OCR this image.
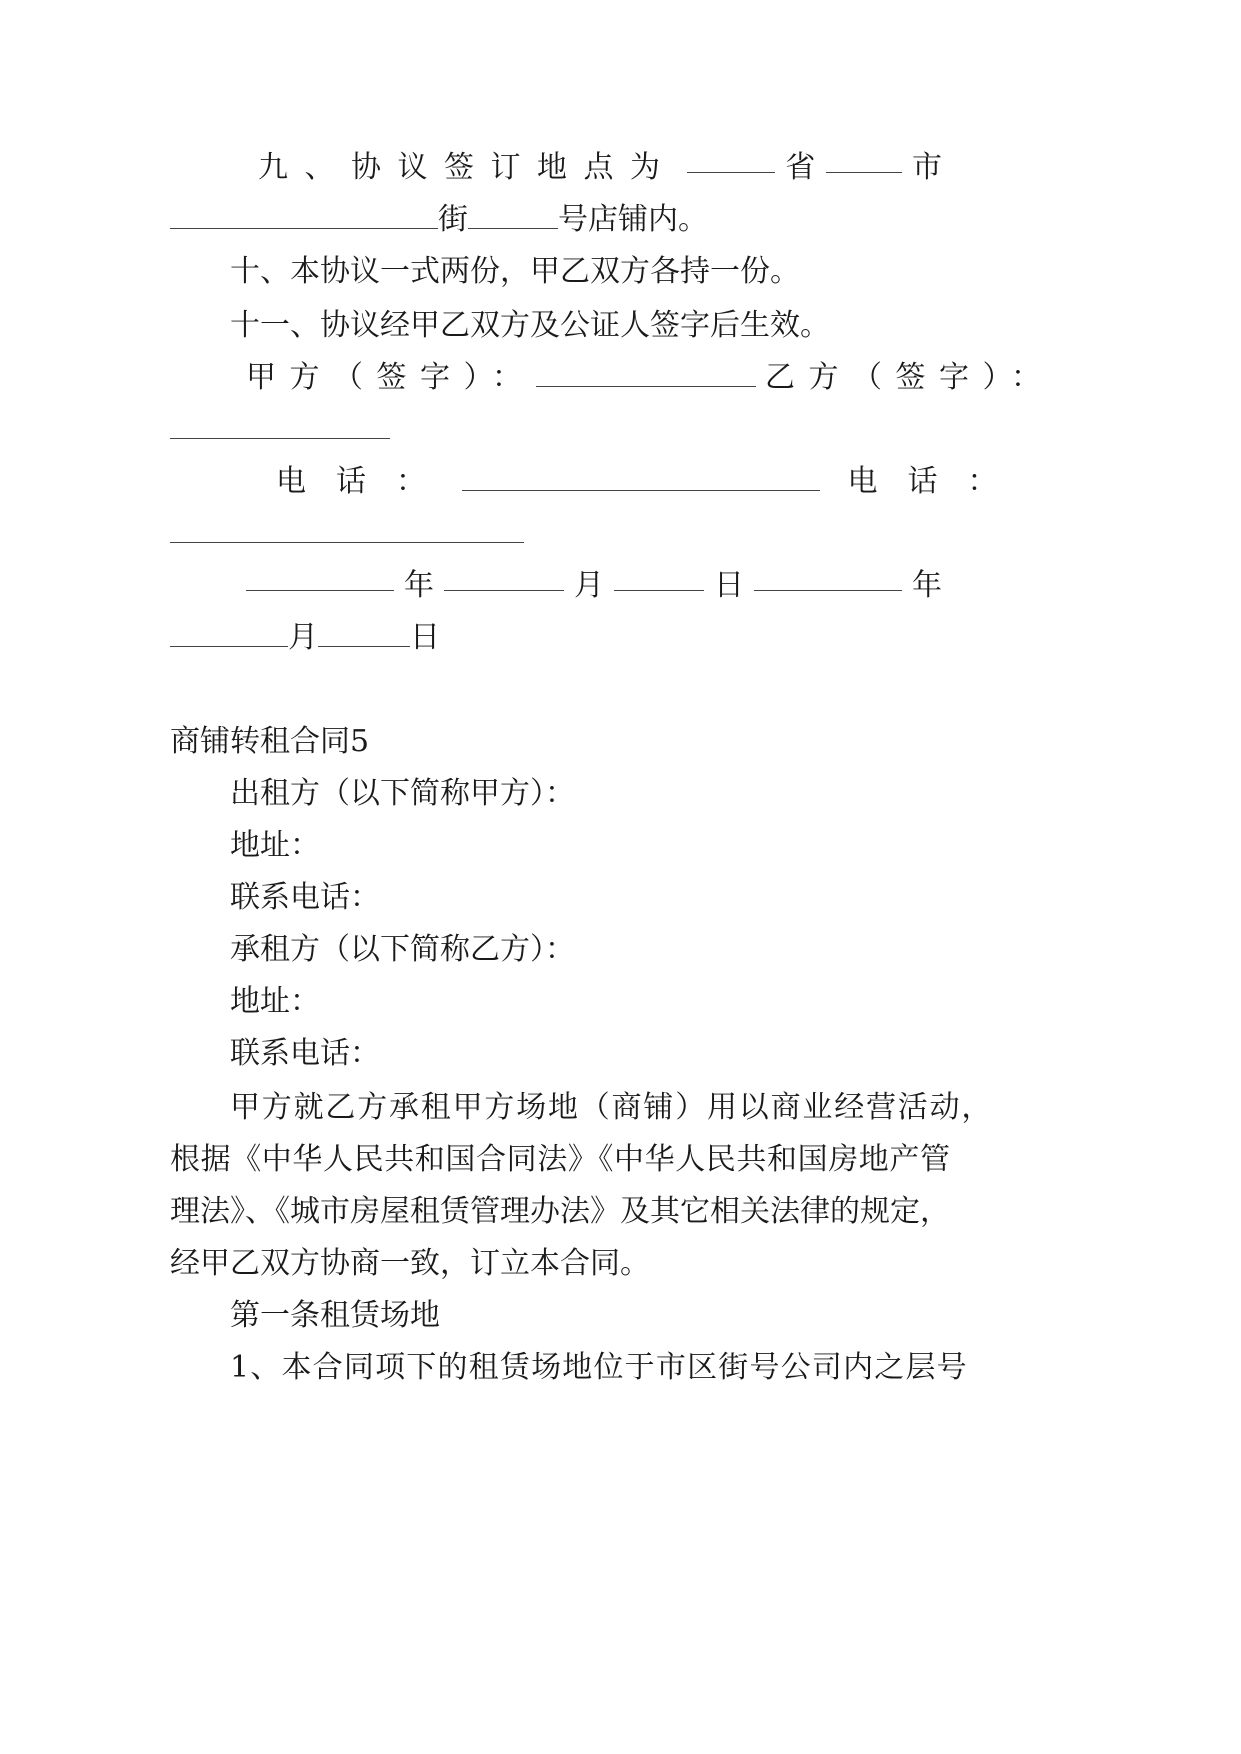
九、协议签订地点为	省	市
街	号店铺内。
十、本协议一式两份，甲乙双方各持一份。
十一、协议经甲乙双方及公证人签字后生效。
甲方（签字）：	乙方（签字）：
电话：	电话：
年	月	日	年
月	日
商铺转租合同5
出租方（以下简称甲方）：
地址：
联系电话：
承租方（以下简称乙方）：
地址：
联系电话：
甲方就乙方承租甲方场地（商铺）用以商业经营活动，
根据《中华人民共和国合同法》《中华人民共和国房地产管
理法》、《城市房屋租赁管理办法》及其它相关法律的规定，
经甲乙双方协商一致，订立本合同。
第一条租赁场地
1、本合同项下的租赁场地位于市区街号公司内之层号
